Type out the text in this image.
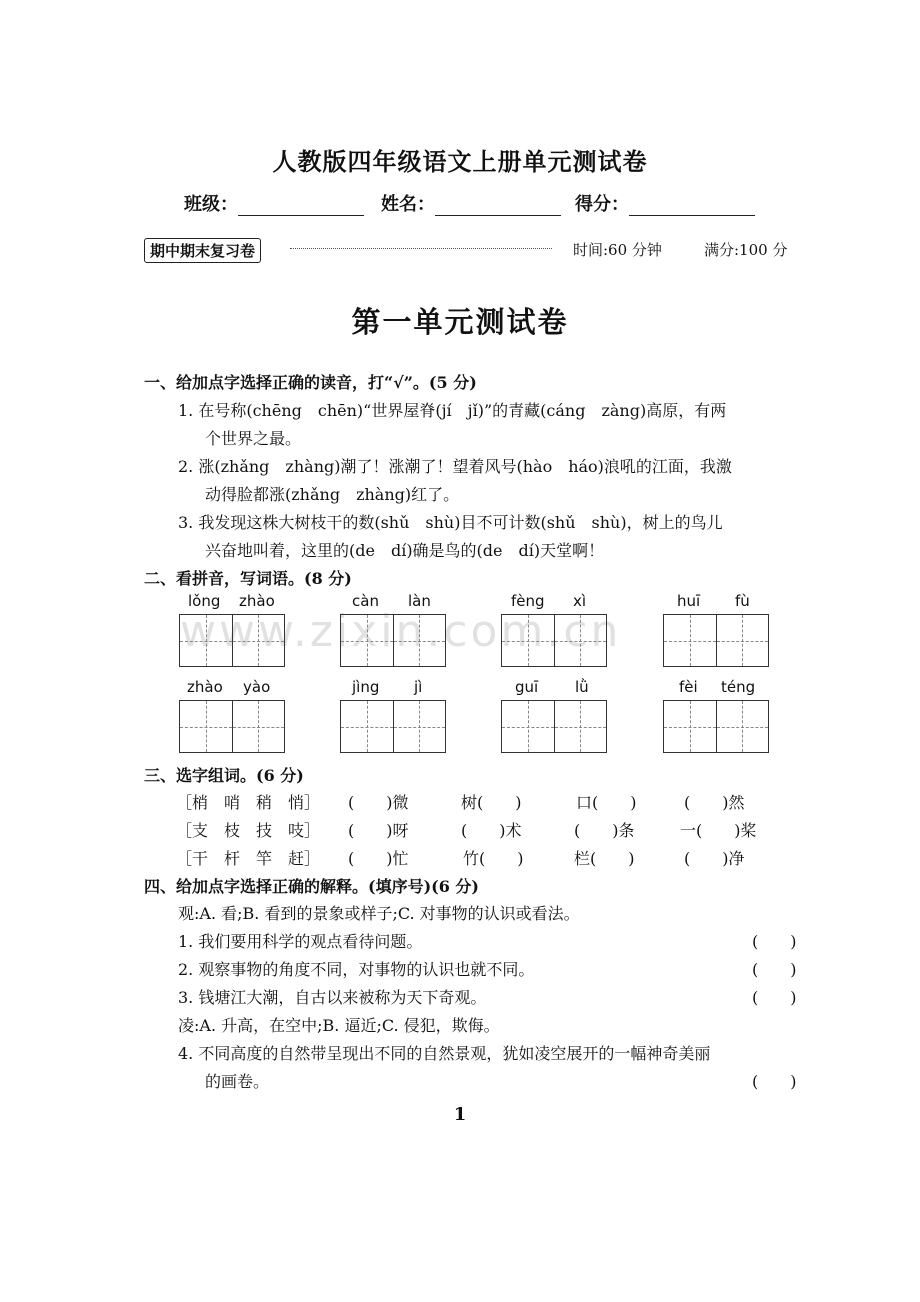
人教版四年级语文上册单元测试卷
班级：	姓名：	得分：
期中期末复习卷	时间:60 分钟	满分:100 分
第一单元测试卷
www.zixin.com.cn
一、给加点字选择正确的读音，打“√”。(5 分)
1. 在号称(chēng　chēn)“世界屋脊(jí　jǐ)”的青藏(cáng　zàng)高原，有两
个世界之最。
2. 涨(zhǎng　zhàng)潮了！涨潮了！望着风号(hào　háo)浪吼的江面，我激
动得脸都涨(zhǎng　zhàng)红了。
3. 我发现这株大树枝干的数(shǔ　shù)目不可计数(shǔ　shù)，树上的鸟儿
兴奋地叫着，这里的(de　dí)确是鸟的(de　dí)天堂啊！
二、看拼音，写词语。(8 分)
lǒng zhào	càn làn	fèng xì	huī fù
zhào yào	jìng jì	guī lǜ	fèi téng
三、选字组词。(6 分)
［梢　哨　稍　悄］ (　　)微	树(　　)	口(　　)	(　　)然
［支　枝　技　吱］ (　　)呀	(　　)术	(　　)条	一(　　)桨
［干　杆　竿　赶］ (　　)忙	竹(　　)	栏(　　)	(　　)净
四、给加点字选择正确的解释。(填序号)(6 分)
观:A. 看;B. 看到的景象或样子;C. 对事物的认识或看法。
1. 我们要用科学的观点看待问题。	(　　)
2. 观察事物的角度不同，对事物的认识也就不同。	(　　)
3. 钱塘江大潮，自古以来被称为天下奇观。	(　　)
凌:A. 升高，在空中;B. 逼近;C. 侵犯，欺侮。
4. 不同高度的自然带呈现出不同的自然景观，犹如凌空展开的一幅神奇美丽
的画卷。	(　　)
1
